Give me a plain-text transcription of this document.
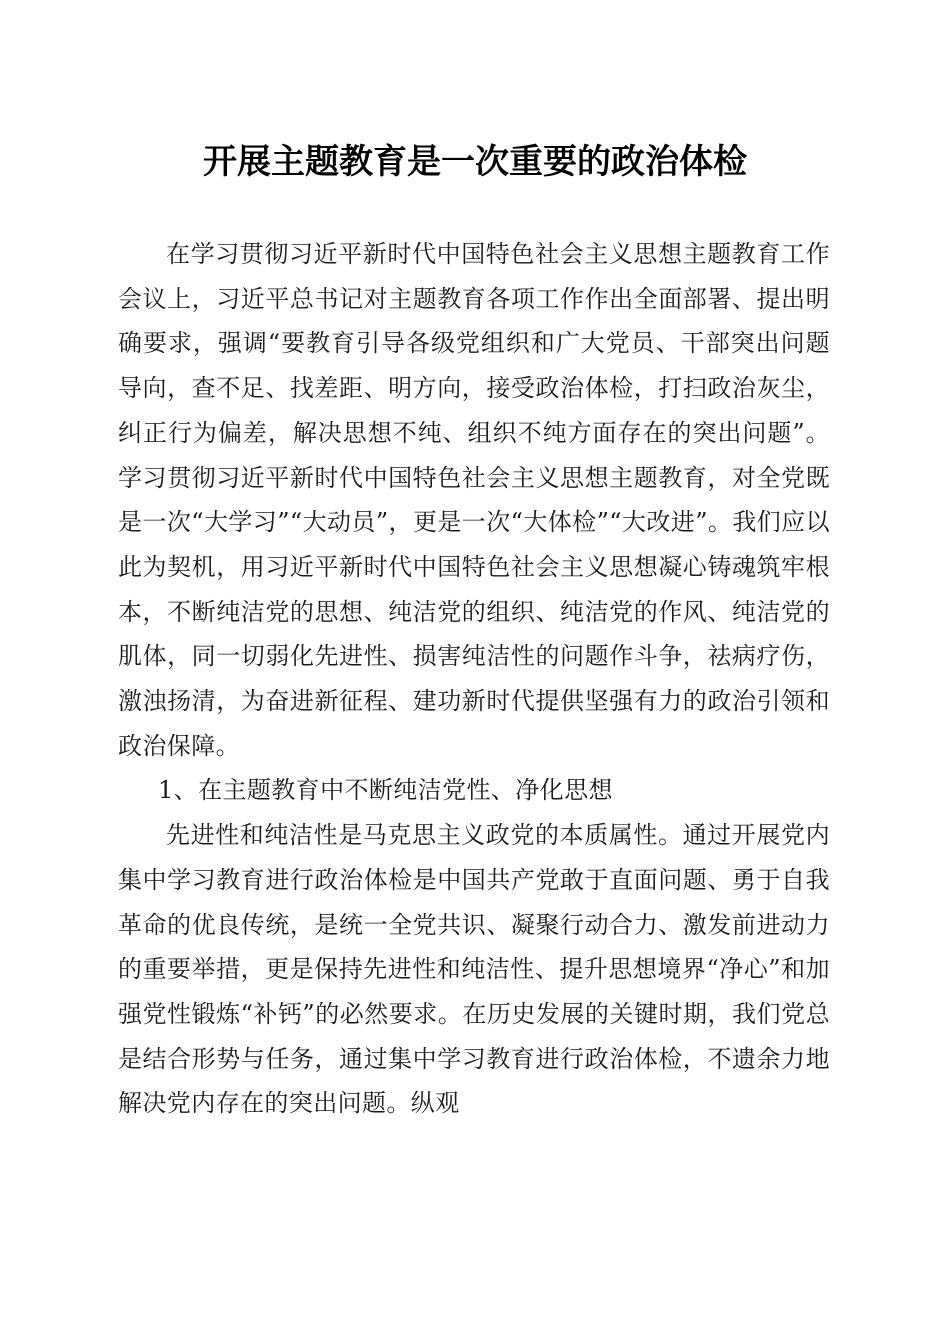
开展主题教育是一次重要的政治体检

在学习贯彻习近平新时代中国特色社会主义思想主题教育工作会议上，习近平总书记对主题教育各项工作作出全面部署、提出明确要求，强调“要教育引导各级党组织和广大党员、干部突出问题导向，查不足、找差距、明方向，接受政治体检，打扫政治灰尘，纠正行为偏差，解决思想不纯、组织不纯方面存在的突出问题”。学习贯彻习近平新时代中国特色社会主义思想主题教育，对全党既是一次“大学习”“大动员”，更是一次“大体检”“大改进”。我们应以此为契机，用习近平新时代中国特色社会主义思想凝心铸魂筑牢根本，不断纯洁党的思想、纯洁党的组织、纯洁党的作风、纯洁党的肌体，同一切弱化先进性、损害纯洁性的问题作斗争，祛病疗伤，激浊扬清，为奋进新征程、建功新时代提供坚强有力的政治引领和政治保障。

1、在主题教育中不断纯洁党性、净化思想

先进性和纯洁性是马克思主义政党的本质属性。通过开展党内集中学习教育进行政治体检是中国共产党敢于直面问题、勇于自我革命的优良传统，是统一全党共识、凝聚行动合力、激发前进动力的重要举措，更是保持先进性和纯洁性、提升思想境界“净心”和加强党性锻炼“补钙”的必然要求。在历史发展的关键时期，我们党总是结合形势与任务，通过集中学习教育进行政治体检，不遗余力地解决党内存在的突出问题。纵观
